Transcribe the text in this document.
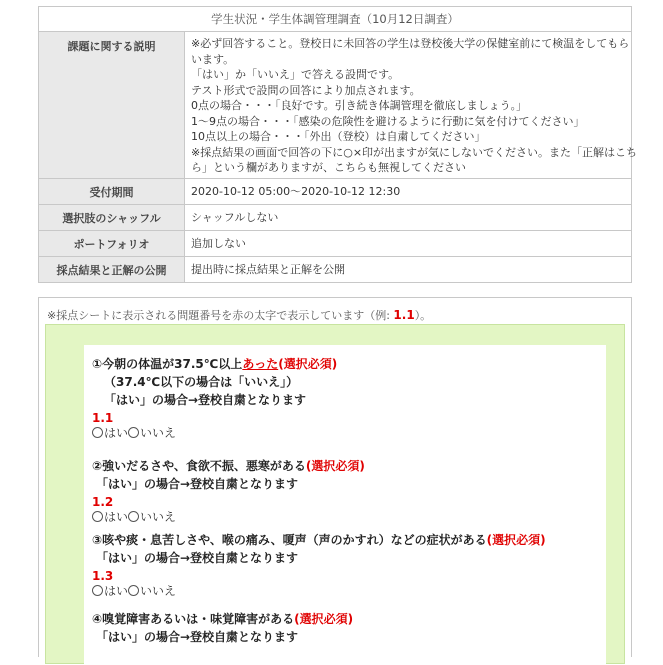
学生状況・学生体調管理調査（10月12日調査）
課題に関する説明	※必ず回答すること。登校日に未回答の学生は登校後大学の保健室前にて検温をしてもら
います。
「はい」か「いいえ」で答える設問です。
テスト形式で設問の回答により加点されます。
0点の場合・・・「良好です。引き続き体調管理を徹底しましょう。」
1～9点の場合・・・「感染の危険性を避けるように行動に気を付けてください」
10点以上の場合・・・「外出（登校）は自粛してください」
※採点結果の画面で回答の下に○×印が出ますが気にしないでください。また「正解はこち
ら」という欄がありますが、こちらも無視してください
受付期間	2020-10-12 05:00～2020-10-12 12:30
選択肢のシャッフル	シャッフルしない
ポートフォリオ	追加しない
採点結果と正解の公開	提出時に採点結果と正解を公開
※採点シートに表示される問題番号を赤の太字で表示しています（例: 1.1）。
①今朝の体温が37.5℃以上あった(選択必須)
（37.4℃以下の場合は「いいえ」）
「はい」の場合→登校自粛となります
1.1
はい いいえ
②強いだるさや、食欲不振、悪寒がある(選択必須)
「はい」の場合→登校自粛となります
1.2
はい いいえ
③咳や痰・息苦しさや、喉の痛み、嗄声（声のかすれ）などの症状がある(選択必須)
「はい」の場合→登校自粛となります
1.3
はい いいえ
④嗅覚障害あるいは・味覚障害がある(選択必須)
「はい」の場合→登校自粛となります
